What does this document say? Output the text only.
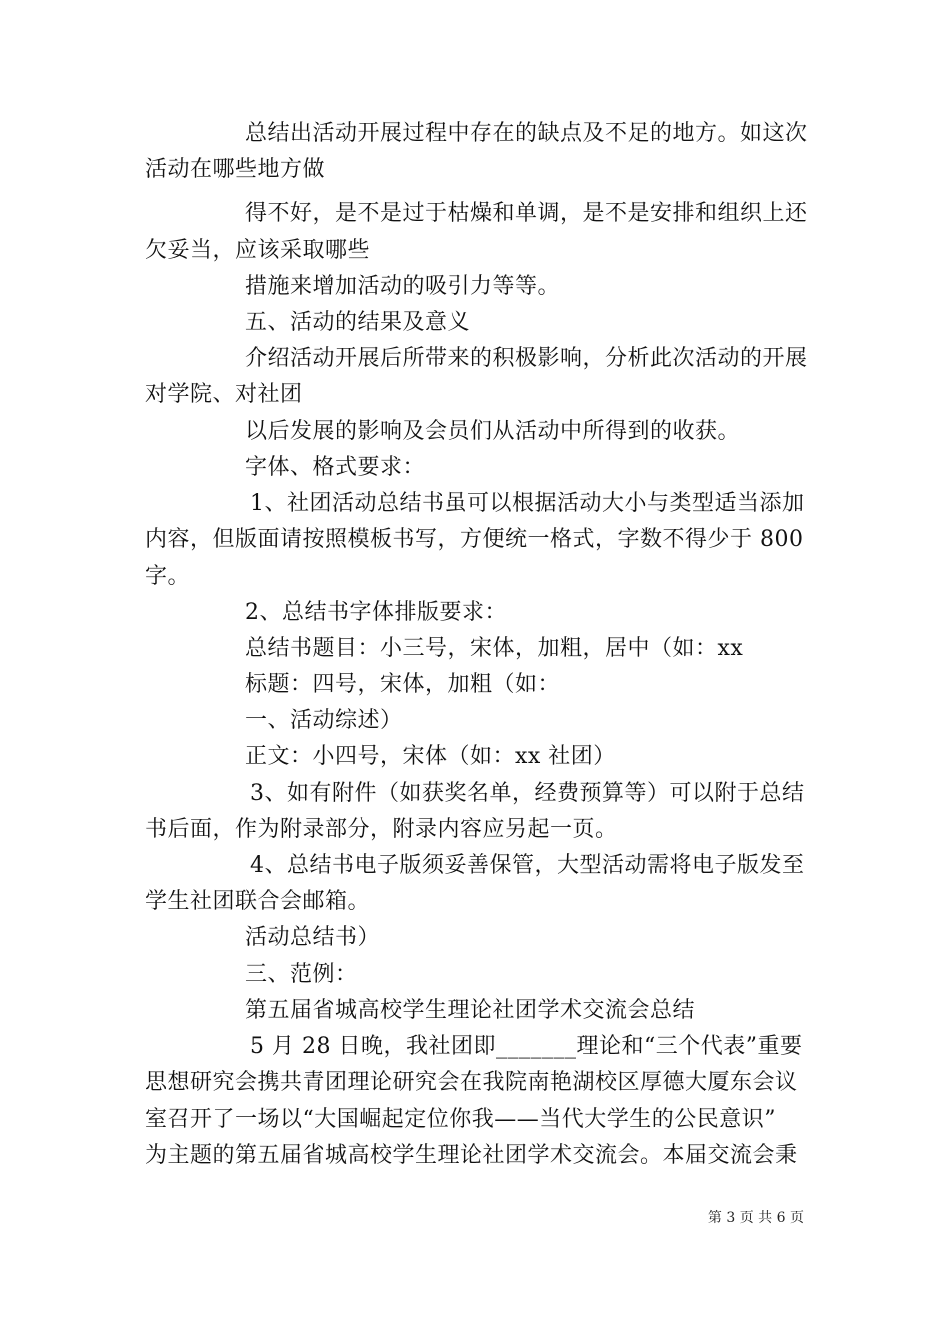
总结出活动开展过程中存在的缺点及不足的地方。如这次
活动在哪些地方做
得不好，是不是过于枯燥和单调，是不是安排和组织上还
欠妥当，应该采取哪些
措施来增加活动的吸引力等等。
五、活动的结果及意义
介绍活动开展后所带来的积极影响，分析此次活动的开展
对学院、对社团
以后发展的影响及会员们从活动中所得到的收获。
字体、格式要求：
1、社团活动总结书虽可以根据活动大小与类型适当添加
内容，但版面请按照模板书写，方便统一格式，字数不得少于 800
字。
2、总结书字体排版要求：
总结书题目：小三号，宋体，加粗，居中（如：xx
标题：四号，宋体，加粗（如：
一、活动综述）
正文：小四号，宋体（如：xx 社团）
3、如有附件（如获奖名单，经费预算等）可以附于总结
书后面，作为附录部分，附录内容应另起一页。
4、总结书电子版须妥善保管，大型活动需将电子版发至
学生社团联合会邮箱。
活动总结书）
三、范例：
第五届省城高校学生理论社团学术交流会总结
5 月 28 日晚，我社团即_______理论和“三个代表”重要
思想研究会携共青团理论研究会在我院南艳湖校区厚德大厦东会议
室召开了一场以“大国崛起定位你我——当代大学生的公民意识”
为主题的第五届省城高校学生理论社团学术交流会。本届交流会秉
第 3 页 共 6 页
